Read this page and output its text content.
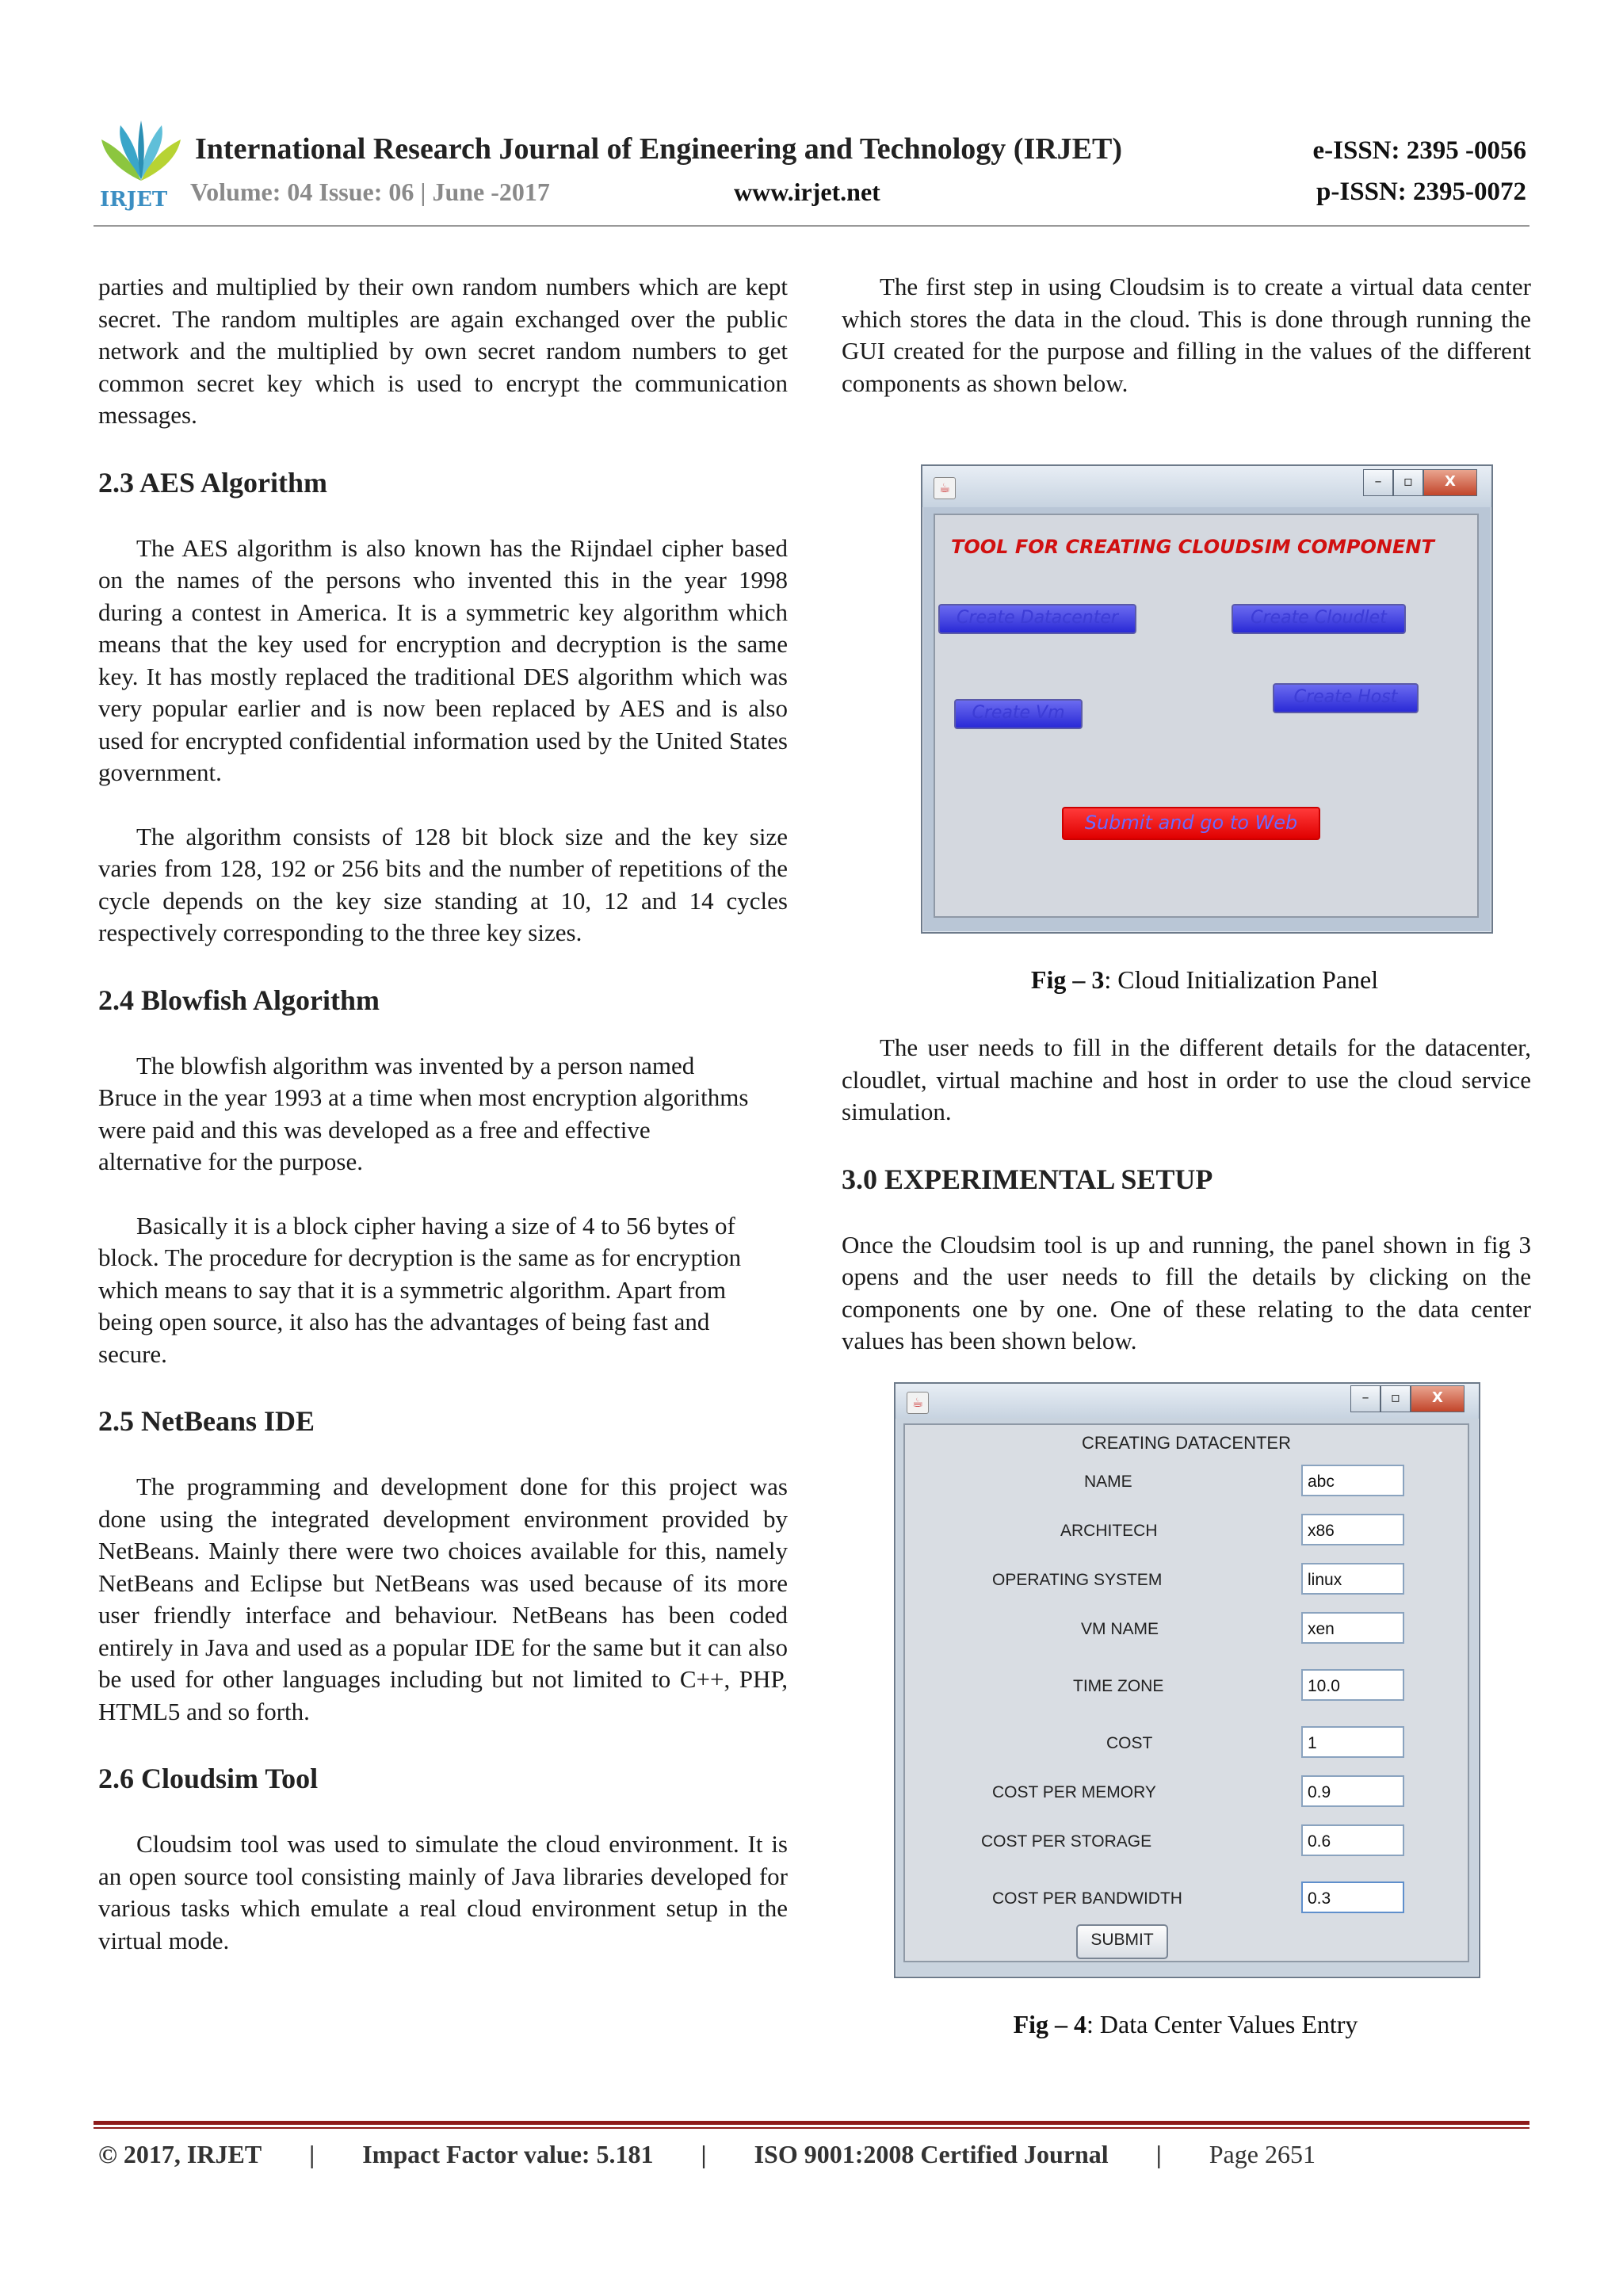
IRJET
International Research Journal of Engineering and Technology (IRJET)	e-ISSN: 2395 -0056
Volume: 04 Issue: 06 | June -2017	www.irjet.net	p-ISSN: 2395-0072

parties and multiplied by their own random numbers which are kept secret. The random multiples are again exchanged over the public network and the multiplied by own secret random numbers to get common secret key which is used to encrypt the communication messages.

2.3 AES Algorithm

The AES algorithm is also known has the Rijndael cipher based on the names of the persons who invented this in the year 1998 during a contest in America. It is a symmetric key algorithm which means that the key used for encryption and decryption is the same key. It has mostly replaced the traditional DES algorithm which was very popular earlier and is now been replaced by AES and is also used for encrypted confidential information used by the United States government.

The algorithm consists of 128 bit block size and the key size varies from 128, 192 or 256 bits and the number of repetitions of the cycle depends on the key size standing at 10, 12 and 14 cycles respectively corresponding to the three key sizes.

2.4 Blowfish Algorithm

The blowfish algorithm was invented by a person named Bruce in the year 1993 at a time when most encryption algorithms were paid and this was developed as a free and effective alternative for the purpose.

Basically it is a block cipher having a size of 4 to 56 bytes of block. The procedure for decryption is the same as for encryption which means to say that it is a symmetric algorithm. Apart from being open source, it also has the advantages of being fast and secure.

2.5 NetBeans IDE

The programming and development done for this project was done using the integrated development environment provided by NetBeans. Mainly there were two choices available for this, namely NetBeans and Eclipse but NetBeans was used because of its more user friendly interface and behaviour. NetBeans has been coded entirely in Java and used as a popular IDE for the same but it can also be used for other languages including but not limited to C++, PHP, HTML5 and so forth.

2.6 Cloudsim Tool

Cloudsim tool was used to simulate the cloud environment. It is an open source tool consisting mainly of Java libraries developed for various tasks which emulate a real cloud environment setup in the virtual mode.

The first step in using Cloudsim is to create a virtual data center which stores the data in the cloud. This is done through running the GUI created for the purpose and filling in the values of the different components as shown below.

☕	–	▫	X
TOOL FOR CREATING CLOUDSIM COMPONENT
Create Datacenter	Create Cloudlet
Create Vm
Create Host
Submit and go to Web
Fig – 3: Cloud Initialization Panel

The user needs to fill in the different details for the datacenter, cloudlet, virtual machine and host in order to use the cloud service simulation.

3.0 EXPERIMENTAL SETUP

Once the Cloudsim tool is up and running, the panel shown in fig 3 opens and the user needs to fill the details by clicking on the components one by one. One of these relating to the data center values has been shown below.

☕	–	▫	X
CREATING DATACENTER
NAME	abc
ARCHITECH	x86
OPERATING SYSTEM	linux
VM NAME	xen
TIME ZONE	10.0
COST	1
COST PER MEMORY	0.9
COST PER STORAGE	0.6
COST PER BANDWIDTH	0.3
SUBMIT
Fig – 4: Data Center Values Entry
© 2017, IRJET | Impact Factor value: 5.181 | ISO 9001:2008 Certified Journal | Page 2651
